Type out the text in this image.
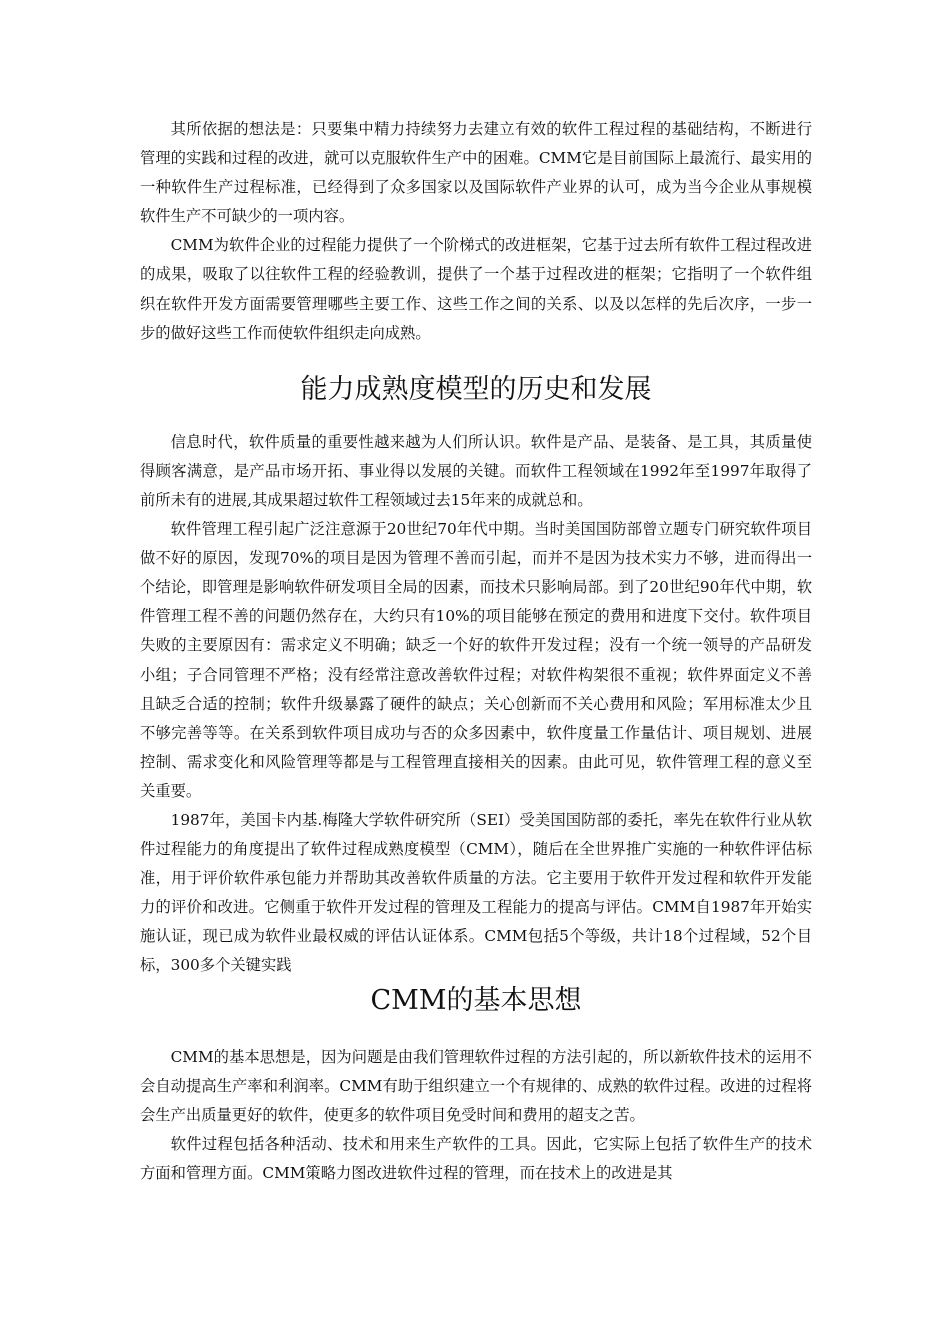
其所依据的想法是：只要集中精力持续努力去建立有效的软件工程过程的基础结构，不断进行管理的实践和过程的改进，就可以克服软件生产中的困难。CMM它是目前国际上最流行、最实用的一种软件生产过程标准，已经得到了众多国家以及国际软件产业界的认可，成为当今企业从事规模软件生产不可缺少的一项内容。

CMM为软件企业的过程能力提供了一个阶梯式的改进框架，它基于过去所有软件工程过程改进的成果，吸取了以往软件工程的经验教训，提供了一个基于过程改进的框架；它指明了一个软件组织在软件开发方面需要管理哪些主要工作、这些工作之间的关系、以及以怎样的先后次序，一步一步的做好这些工作而使软件组织走向成熟。

能力成熟度模型的历史和发展

信息时代，软件质量的重要性越来越为人们所认识。软件是产品、是装备、是工具，其质量使得顾客满意，是产品市场开拓、事业得以发展的关键。而软件工程领域在1992年至1997年取得了前所未有的进展,其成果超过软件工程领域过去15年来的成就总和。

软件管理工程引起广泛注意源于20世纪70年代中期。当时美国国防部曾立题专门研究软件项目做不好的原因，发现70%的项目是因为管理不善而引起，而并不是因为技术实力不够，进而得出一个结论，即管理是影响软件研发项目全局的因素，而技术只影响局部。到了20世纪90年代中期，软件管理工程不善的问题仍然存在，大约只有10%的项目能够在预定的费用和进度下交付。软件项目失败的主要原因有：需求定义不明确；缺乏一个好的软件开发过程；没有一个统一领导的产品研发小组；子合同管理不严格；没有经常注意改善软件过程；对软件构架很不重视；软件界面定义不善且缺乏合适的控制；软件升级暴露了硬件的缺点；关心创新而不关心费用和风险；军用标准太少且不够完善等等。在关系到软件项目成功与否的众多因素中，软件度量工作量估计、项目规划、进展控制、需求变化和风险管理等都是与工程管理直接相关的因素。由此可见，软件管理工程的意义至关重要。

1987年，美国卡内基.梅隆大学软件研究所（SEI）受美国国防部的委托，率先在软件行业从软件过程能力的角度提出了软件过程成熟度模型（CMM），随后在全世界推广实施的一种软件评估标准，用于评价软件承包能力并帮助其改善软件质量的方法。它主要用于软件开发过程和软件开发能力的评价和改进。它侧重于软件开发过程的管理及工程能力的提高与评估。CMM自1987年开始实施认证，现已成为软件业最权威的评估认证体系。CMM包括5个等级，共计18个过程域，52个目标，300多个关键实践

CMM的基本思想

CMM的基本思想是，因为问题是由我们管理软件过程的方法引起的，所以新软件技术的运用不会自动提高生产率和利润率。CMM有助于组织建立一个有规律的、成熟的软件过程。改进的过程将会生产出质量更好的软件，使更多的软件项目免受时间和费用的超支之苦。

软件过程包括各种活动、技术和用来生产软件的工具。因此，它实际上包括了软件生产的技术方面和管理方面。CMM策略力图改进软件过程的管理，而在技术上的改进是其
